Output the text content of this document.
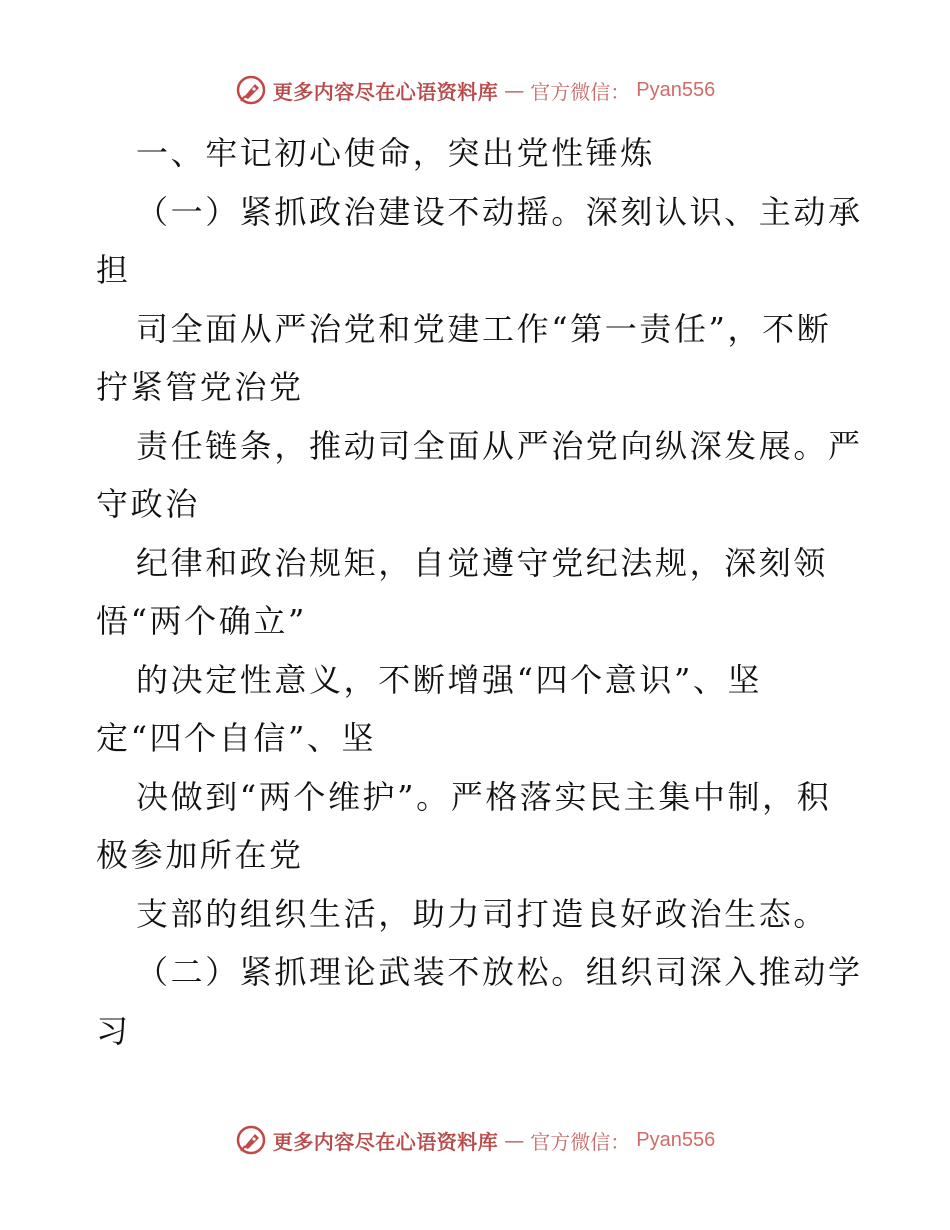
更多内容尽在心语资料库 — 官方微信： Pyan556
一、牢记初心使命，突出党性锤炼
（一）紧抓政治建设不动摇。深刻认识、主动承
担
司全面从严治党和党建工作“第一责任”，不断
拧紧管党治党
责任链条，推动司全面从严治党向纵深发展。严
守政治
纪律和政治规矩，自觉遵守党纪法规，深刻领
悟“两个确立”
的决定性意义，不断增强“四个意识”、坚
定“四个自信”、坚
决做到“两个维护”。严格落实民主集中制，积
极参加所在党
支部的组织生活，助力司打造良好政治生态。
（二）紧抓理论武装不放松。组织司深入推动学
习
更多内容尽在心语资料库 — 官方微信： Pyan556
